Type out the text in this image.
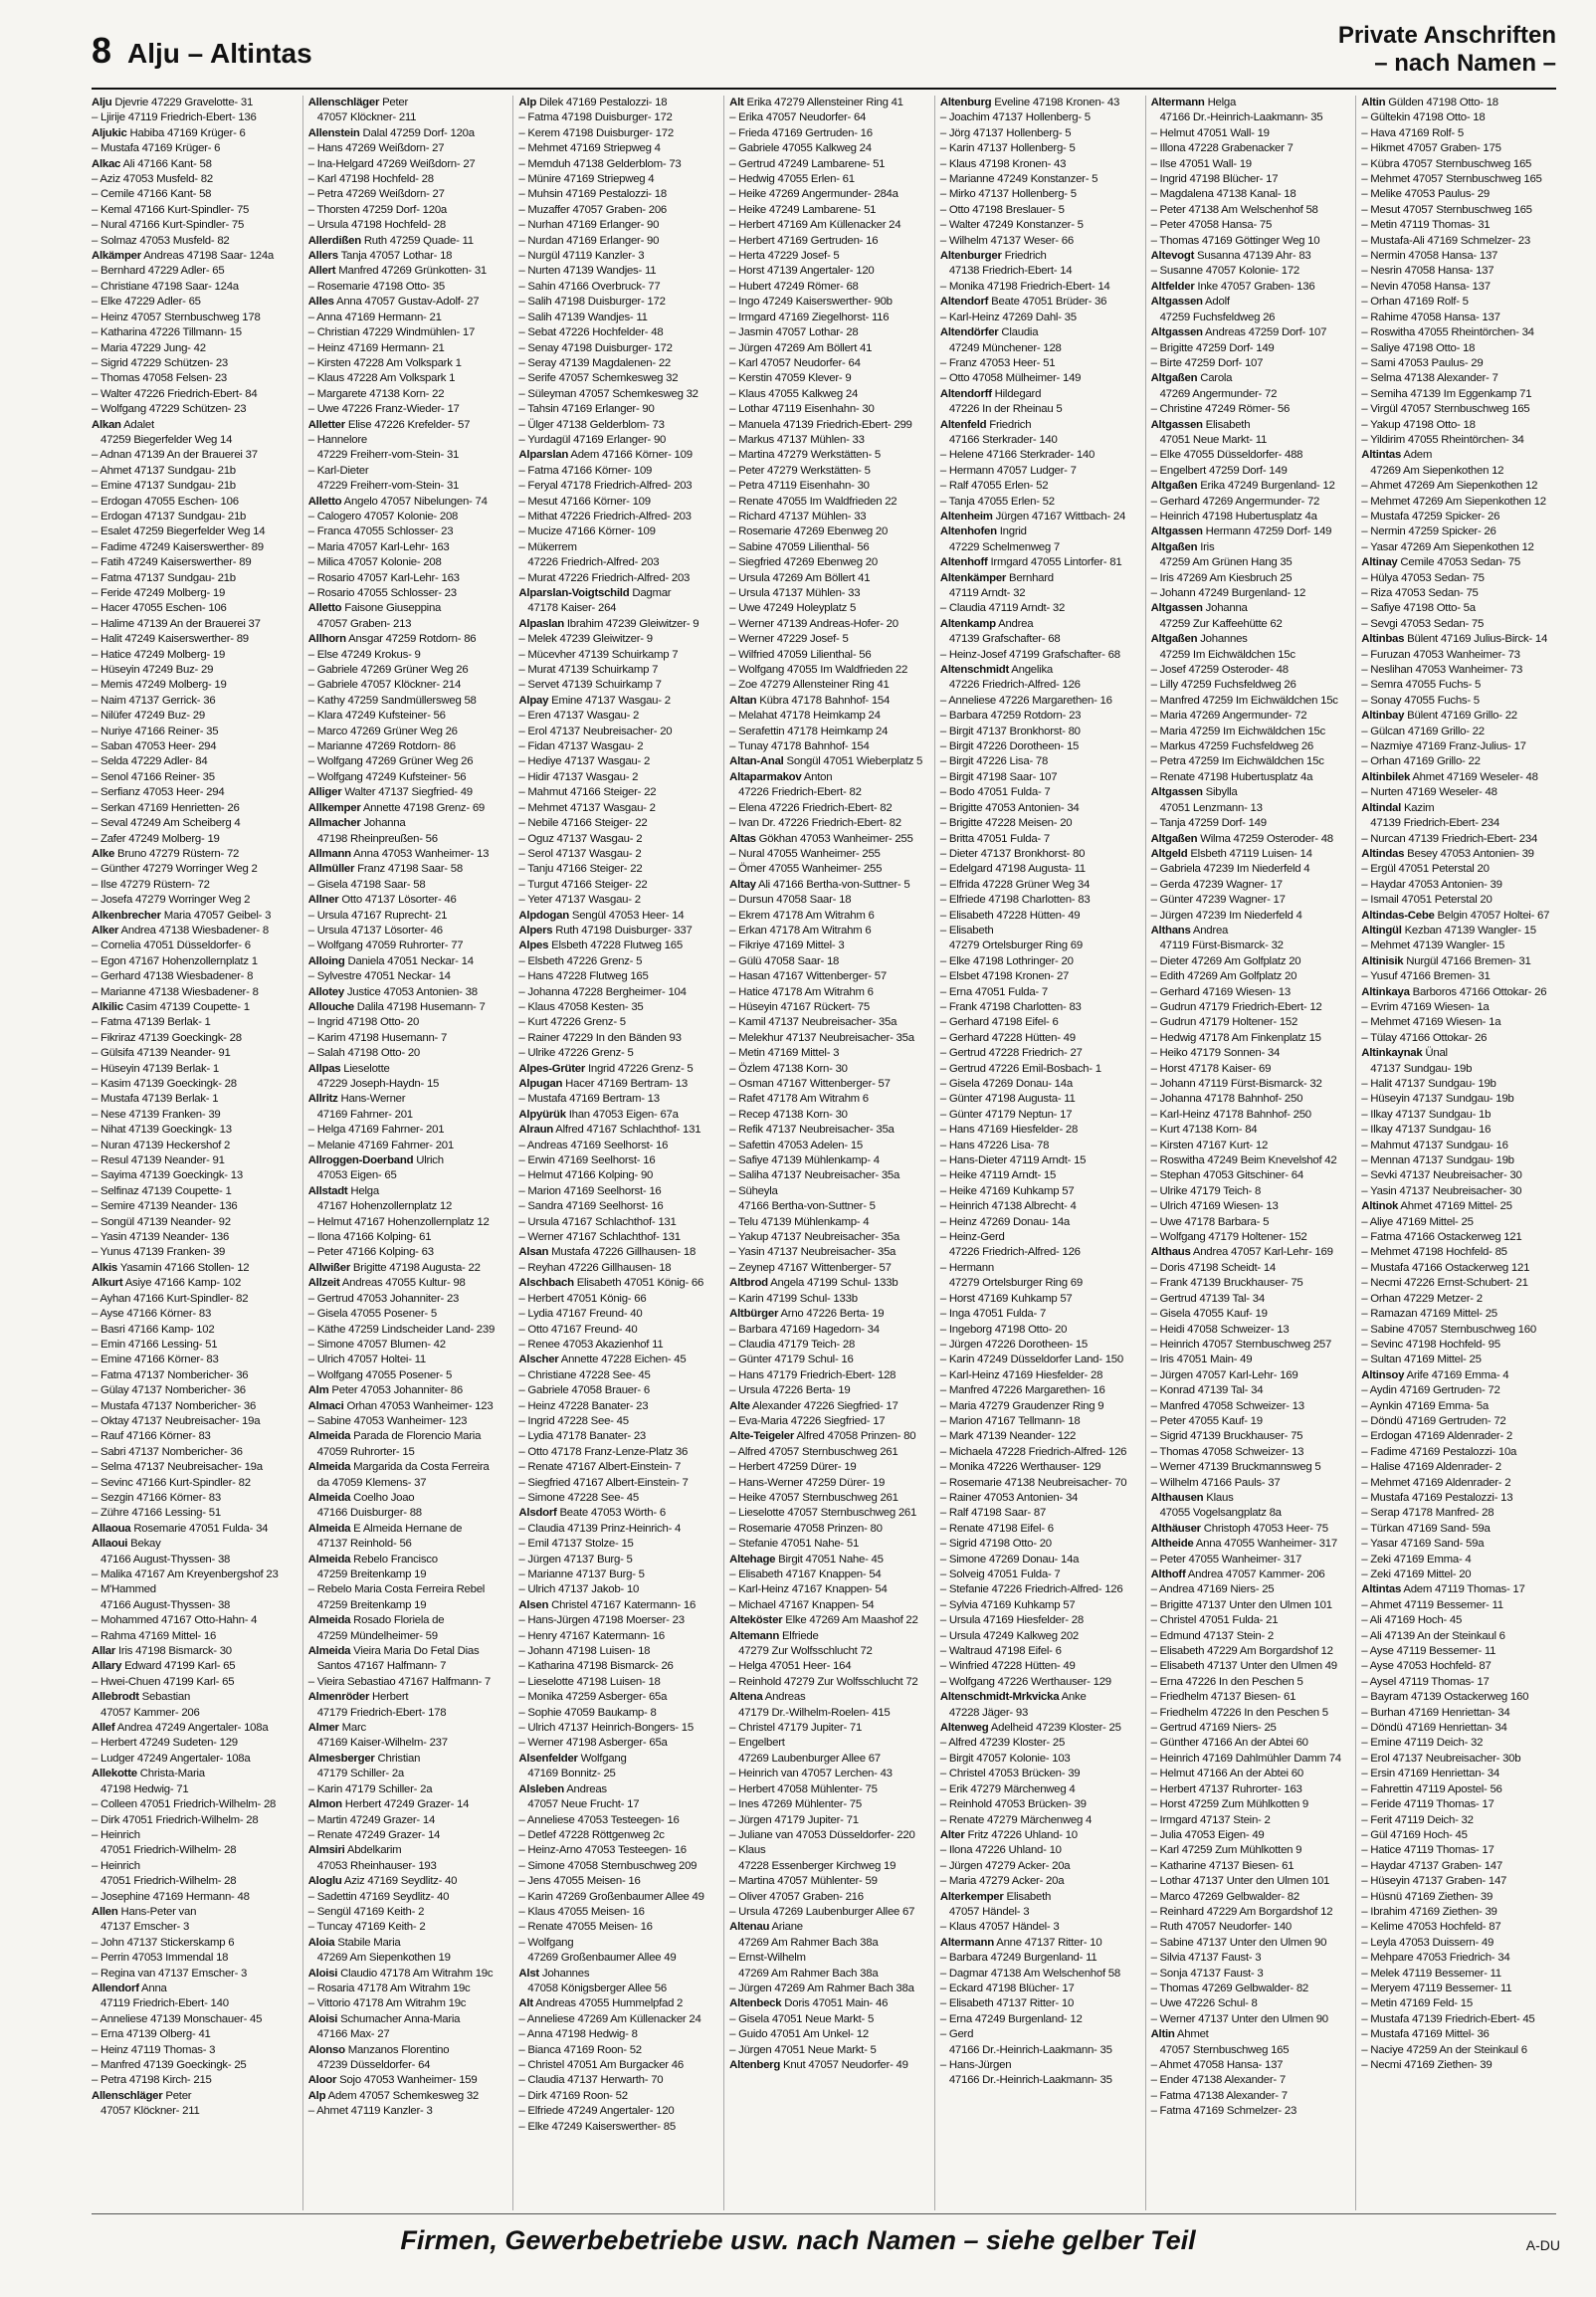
8 Alju – Altintas
Private Anschriften
– nach Namen –
Alju Djevrie 47229 Gravelotte- 31
– Ljirije 47119 Friedrich-Ebert- 136
Aljukic Habiba 47169 Krüger- 6
– Mustafa 47169 Krüger- 6
Alkac Ali 47166 Kant- 58
– Aziz 47053 Musfeld- 82
– Cemile 47166 Kant- 58
– Kemal 47166 Kurt-Spindler- 75
– Nural 47166 Kurt-Spindler- 75
– Solmaz 47053 Musfeld- 82
Alkämper Andreas 47198 Saar- 124a
– Bernhard 47229 Adler- 65
– Christiane 47198 Saar- 124a
– Elke 47229 Adler- 65
– Heinz 47057 Sternbuschweg 178
– Katharina 47226 Tillmann- 15
– Maria 47229 Jung- 42
– Sigrid 47229 Schützen- 23
– Thomas 47058 Felsen- 23
– Walter 47226 Friedrich-Ebert- 84
– Wolfgang 47229 Schützen- 23
Alkan Adalet
47259 Biegerfelder Weg 14
– Adnan 47139 An der Brauerei 37
– Ahmet 47137 Sundgau- 21b
– Emine 47137 Sundgau- 21b
– Erdogan 47055 Eschen- 106
– Erdogan 47137 Sundgau- 21b
– Esalet 47259 Biegerfelder Weg 14
– Fadime 47249 Kaiserswerther- 89
– Fatih 47249 Kaiserswerther- 89
– Fatma 47137 Sundgau- 21b
– Feride 47249 Molberg- 19
– Hacer 47055 Eschen- 106
– Halime 47139 An der Brauerei 37
– Halit 47249 Kaiserswerther- 89
– Hatice 47249 Molberg- 19
– Hüseyin 47249 Buz- 29
– Memis 47249 Molberg- 19
– Naim 47137 Gerrick- 36
– Nilüfer 47249 Buz- 29
– Nuriye 47166 Reiner- 35
– Saban 47053 Heer- 294
– Selda 47229 Adler- 84
– Senol 47166 Reiner- 35
– Serfianz 47053 Heer- 294
– Serkan 47169 Henrietten- 26
– Seval 47249 Am Scheiberg 4
– Zafer 47249 Molberg- 19
Alke Bruno 47279 Rüstern- 72
– Günther 47279 Worringer Weg 2
– Ilse 47279 Rüstern- 72
– Josefa 47279 Worringer Weg 2
Alkenbrecher Maria 47057 Geibel- 3
Alker Andrea 47138 Wiesbadener- 8
– Cornelia 47051 Düsseldorfer- 6
– Egon 47167 Hohenzollernplatz 1
– Gerhard 47138 Wiesbadener- 8
– Marianne 47138 Wiesbadener- 8
Alkilic Casim 47139 Coupette- 1
– Fatma 47139 Berlak- 1
– Fikriraz 47139 Goeckingk- 28
– Gülsifa 47139 Neander- 91
– Hüseyin 47139 Berlak- 1
– Kasim 47139 Goeckingk- 28
– Mustafa 47139 Berlak- 1
– Nese 47139 Franken- 39
– Nihat 47139 Goeckingk- 13
– Nuran 47139 Heckershof 2
– Resul 47139 Neander- 91
– Sayima 47139 Goeckingk- 13
– Selfinaz 47139 Coupette- 1
– Semire 47139 Neander- 136
– Songül 47139 Neander- 92
– Yasin 47139 Neander- 136
– Yunus 47139 Franken- 39
Alkis Yasamin 47166 Stollen- 12
Alkurt Asiye 47166 Kamp- 102
– Ayhan 47166 Kurt-Spindler- 82
– Ayse 47166 Körner- 83
– Basri 47166 Kamp- 102
– Emin 47166 Lessing- 51
– Emine 47166 Körner- 83
– Fatma 47137 Nombericher- 36
– Gülay 47137 Nombericher- 36
– Mustafa 47137 Nombericher- 36
– Oktay 47137 Neubreisacher- 19a
– Rauf 47166 Körner- 83
– Sabri 47137 Nombericher- 36
– Selma 47137 Neubreisacher- 19a
– Sevinc 47166 Kurt-Spindler- 82
– Sezgin 47166 Körner- 83
– Zühre 47166 Lessing- 51
Allaoua Rosemarie 47051 Fulda- 34
Allaoui Bekay
47166 August-Thyssen- 38
– Malika 47167 Am Kreyenbergshof 23
– M'Hammed
47166 August-Thyssen- 38
– Mohammed 47167 Otto-Hahn- 4
– Rahma 47169 Mittel- 16
Allar Iris 47198 Bismarck- 30
Allary Edward 47199 Karl- 65
– Hwei-Chuen 47199 Karl- 65
Allebrodt Sebastian
47057 Kammer- 206
Allef Andrea 47249 Angertaler- 108a
– Herbert 47249 Sudeten- 129
– Ludger 47249 Angertaler- 108a
Allekotte Christa-Maria
47198 Hedwig- 71
– Colleen 47051 Friedrich-Wilhelm- 28
– Dirk 47051 Friedrich-Wilhelm- 28
– Heinrich
47051 Friedrich-Wilhelm- 28
– Heinrich
47051 Friedrich-Wilhelm- 28
– Josephine 47169 Hermann- 48
Allen Hans-Peter van
47137 Emscher- 3
– John 47137 Stickerskamp 6
– Perrin 47053 Immendal 18
– Regina van 47137 Emscher- 3
Allendorf Anna
47119 Friedrich-Ebert- 140
– Anneliese 47139 Monschauer- 45
– Erna 47139 Olberg- 41
– Heinz 47119 Thomas- 3
– Manfred 47139 Goeckingk- 25
– Petra 47198 Kirch- 215
Allenschläger Peter
47057 Klöckner- 211
Allenschläger Peter
47057 Klöckner- 211
Allenstein Dalal 47259 Dorf- 120a
– Hans 47269 Weißdorn- 27
– Ina-Helgard 47269 Weißdorn- 27
– Karl 47198 Hochfeld- 28
– Petra 47269 Weißdorn- 27
– Thorsten 47259 Dorf- 120a
– Ursula 47198 Hochfeld- 28
Allerdißen Ruth 47259 Quade- 11
Allers Tanja 47057 Lothar- 18
Allert Manfred 47269 Grünkotten- 31
– Rosemarie 47198 Otto- 35
Alles Anna 47057 Gustav-Adolf- 27
– Anna 47169 Hermann- 21
– Christian 47229 Windmühlen- 17
– Heinz 47169 Hermann- 21
– Kirsten 47228 Am Volkspark 1
– Klaus 47228 Am Volkspark 1
– Margarete 47138 Korn- 22
– Uwe 47226 Franz-Wieder- 17
Alletter Elise 47226 Krefelder- 57
– Hannelore
47229 Freiherr-vom-Stein- 31
– Karl-Dieter
47229 Freiherr-vom-Stein- 31
Alletto Angelo 47057 Nibelungen- 74
– Calogero 47057 Kolonie- 208
– Franca 47055 Schlosser- 23
– Maria 47057 Karl-Lehr- 163
– Milica 47057 Kolonie- 208
– Rosario 47057 Karl-Lehr- 163
– Rosario 47055 Schlosser- 23
Alletto Faisone Giuseppina
47057 Graben- 213
Allhorn Ansgar 47259 Rotdorn- 86
– Else 47249 Krokus- 9
– Gabriele 47269 Grüner Weg 26
– Gabriele 47057 Klöckner- 214
– Kathy 47259 Sandmüllersweg 58
– Klara 47249 Kufsteiner- 56
– Marco 47269 Grüner Weg 26
– Marianne 47269 Rotdorn- 86
– Wolfgang 47269 Grüner Weg 26
– Wolfgang 47249 Kufsteiner- 56
Alliger Walter 47137 Siegfried- 49
Allkemper Annette 47198 Grenz- 69
Allmacher Johanna
47198 Rheinpreußen- 56
Allmann Anna 47053 Wanheimer- 13
Allmüller Franz 47198 Saar- 58
– Gisela 47198 Saar- 58
Allner Otto 47137 Lösorter- 46
– Ursula 47167 Ruprecht- 21
– Ursula 47137 Lösorter- 46
– Wolfgang 47059 Ruhrorter- 77
Alloing Daniela 47051 Neckar- 14
– Sylvestre 47051 Neckar- 14
Allotey Justice 47053 Antonien- 38
Allouche Dalila 47198 Husemann- 7
– Ingrid 47198 Otto- 20
– Karim 47198 Husemann- 7
– Salah 47198 Otto- 20
Allpas Lieselotte
47229 Joseph-Haydn- 15
Allritz Hans-Werner
47169 Fahrner- 201
– Helga 47169 Fahrner- 201
– Melanie 47169 Fahrner- 201
Allroggen-Doerband Ulrich
47053 Eigen- 65
Allstadt Helga
47167 Hohenzollernplatz 12
– Helmut 47167 Hohenzollernplatz 12
– Ilona 47166 Kolping- 61
– Peter 47166 Kolping- 63
Allwißer Brigitte 47198 Augusta- 22
Allzeit Andreas 47055 Kultur- 98
– Gertrud 47053 Johanniter- 23
– Gisela 47055 Posener- 5
– Käthe 47259 Lindscheider Land- 239
– Simone 47057 Blumen- 42
– Ulrich 47057 Holtei- 11
– Wolfgang 47055 Posener- 5
Alm Peter 47053 Johanniter- 86
Almaci Orhan 47053 Wanheimer- 123
– Sabine 47053 Wanheimer- 123
Almeida Parada de Florencio Maria
47059 Ruhrorter- 15
Almeida Margarida da Costa Ferreira
da 47059 Klemens- 37
Almeida Coelho Joao
47166 Duisburger- 88
Almeida E Almeida Hernane de
47137 Reinhold- 56
Almeida Rebelo Francisco
47259 Breitenkamp 19
– Rebelo Maria Costa Ferreira Rebel
47259 Breitenkamp 19
Almeida Rosado Floriela de
47259 Mündelheimer- 59
Almeida Vieira Maria Do Fetal Dias
Santos 47167 Halfmann- 7
– Vieira Sebastiao 47167 Halfmann- 7
Almenröder Herbert
47179 Friedrich-Ebert- 178
Almer Marc
47169 Kaiser-Wilhelm- 237
Almesberger Christian
47179 Schiller- 2a
– Karin 47179 Schiller- 2a
Almon Herbert 47249 Grazer- 14
– Martin 47249 Grazer- 14
– Renate 47249 Grazer- 14
Almsiri Abdelkarim
47053 Rheinhauser- 193
Aloglu Aziz 47169 Seydlitz- 40
– Sadettin 47169 Seydlitz- 40
– Sengül 47169 Keith- 2
– Tuncay 47169 Keith- 2
Aloia Stabile Maria
47269 Am Siepenkothen 19
Aloisi Claudio 47178 Am Witrahm 19c
– Rosaria 47178 Am Witrahm 19c
– Vittorio 47178 Am Witrahm 19c
Aloisi Schumacher Anna-Maria
47166 Max- 27
Alonso Manzanos Florentino
47239 Düsseldorfer- 64
Aloor Sojo 47053 Wanheimer- 159
Alp Adem 47057 Schemkesweg 32
– Ahmet 47119 Kanzler- 3
Alp Dilek 47169 Pestalozzi- 18
– Fatma 47198 Duisburger- 172
– Kerem 47198 Duisburger- 172
– Mehmet 47169 Striepweg 4
– Memduh 47138 Gelderblom- 73
– Münire 47169 Striepweg 4
– Muhsin 47169 Pestalozzi- 18
– Muzaffer 47057 Graben- 206
– Nurhan 47169 Erlanger- 90
– Nurdan 47169 Erlanger- 90
– Nurgül 47119 Kanzler- 3
– Nurten 47139 Wandjes- 11
– Sahin 47166 Overbruck- 77
– Salih 47198 Duisburger- 172
– Salih 47139 Wandjes- 11
– Sebat 47226 Hochfelder- 48
– Senay 47198 Duisburger- 172
– Seray 47139 Magdalenen- 22
– Serife 47057 Schemkesweg 32
– Süleyman 47057 Schemkesweg 32
– Tahsin 47169 Erlanger- 90
– Ülger 47138 Gelderblom- 73
– Yurdagül 47169 Erlanger- 90
Alparslan Adem 47166 Körner- 109
– Fatma 47166 Körner- 109
– Feryal 47178 Friedrich-Alfred- 203
– Mesut 47166 Körner- 109
– Mithat 47226 Friedrich-Alfred- 203
– Mucize 47166 Körner- 109
– Mükerrem
47226 Friedrich-Alfred- 203
– Murat 47226 Friedrich-Alfred- 203
Alparslan-Voigtschild Dagmar
47178 Kaiser- 264
Alpaslan Ibrahim 47239 Gleiwitzer- 9
– Melek 47239 Gleiwitzer- 9
– Mücevher 47139 Schuirkamp 7
– Murat 47139 Schuirkamp 7
– Servet 47139 Schuirkamp 7
Alpay Emine 47137 Wasgau- 2
– Eren 47137 Wasgau- 2
– Erol 47137 Neubreisacher- 20
– Fidan 47137 Wasgau- 2
– Hediye 47137 Wasgau- 2
– Hidir 47137 Wasgau- 2
– Mahmut 47166 Steiger- 22
– Mehmet 47137 Wasgau- 2
– Nebile 47166 Steiger- 22
– Oguz 47137 Wasgau- 2
– Serol 47137 Wasgau- 2
– Tanju 47166 Steiger- 22
– Turgut 47166 Steiger- 22
– Yeter 47137 Wasgau- 2
Alpdogan Sengül 47053 Heer- 14
Alpers Ruth 47198 Duisburger- 337
Alpes Elsbeth 47228 Flutweg 165
– Elsbeth 47226 Grenz- 5
– Hans 47228 Flutweg 165
– Johanna 47228 Bergheimer- 104
– Klaus 47058 Kesten- 35
– Kurt 47226 Grenz- 5
– Rainer 47229 In den Bänden 93
– Ulrike 47226 Grenz- 5
Alpes-Grüter Ingrid 47226 Grenz- 5
Alpugan Hacer 47169 Bertram- 13
– Mustafa 47169 Bertram- 13
Alpyürük Ihan 47053 Eigen- 67a
Alraun Alfred 47167 Schlachthof- 131
– Andreas 47169 Seelhorst- 16
– Erwin 47169 Seelhorst- 16
– Helmut 47166 Kolping- 90
– Marion 47169 Seelhorst- 16
– Sandra 47169 Seelhorst- 16
– Ursula 47167 Schlachthof- 131
– Werner 47167 Schlachthof- 131
Alsan Mustafa 47226 Gillhausen- 18
– Reyhan 47226 Gillhausen- 18
Alschbach Elisabeth 47051 König- 66
– Herbert 47051 König- 66
– Lydia 47167 Freund- 40
– Otto 47167 Freund- 40
– Renee 47053 Akazienhof 11
Alscher Annette 47228 Eichen- 45
– Christiane 47228 See- 45
– Gabriele 47058 Brauer- 6
– Heinz 47228 Banater- 23
– Ingrid 47228 See- 45
– Lydia 47178 Banater- 23
– Otto 47178 Franz-Lenze-Platz 36
– Renate 47167 Albert-Einstein- 7
– Siegfried 47167 Albert-Einstein- 7
– Simone 47228 See- 45
Alsdorf Beate 47053 Wörth- 6
– Claudia 47139 Prinz-Heinrich- 4
– Emil 47137 Stolze- 15
– Jürgen 47137 Burg- 5
– Marianne 47137 Burg- 5
– Ulrich 47137 Jakob- 10
Alsen Christel 47167 Katermann- 16
– Hans-Jürgen 47198 Moerser- 23
– Henry 47167 Katermann- 16
– Johann 47198 Luisen- 18
– Katharina 47198 Bismarck- 26
– Lieselotte 47198 Luisen- 18
– Monika 47259 Asberger- 65a
– Sophie 47059 Baukamp- 8
– Ulrich 47137 Heinrich-Bongers- 15
– Werner 47198 Asberger- 65a
Alsenfelder Wolfgang
47169 Bonnitz- 25
Alsleben Andreas
47057 Neue Frucht- 17
– Anneliese 47053 Testeegen- 16
– Detlef 47228 Röttgenweg 2c
– Heinz-Arno 47053 Testeegen- 16
– Simone 47058 Sternbuschweg 209
– Jens 47055 Meisen- 16
– Karin 47269 Großenbaumer Allee 49
– Klaus 47055 Meisen- 16
– Renate 47055 Meisen- 16
– Wolfgang
47269 Großenbaumer Allee 49
Alst Johannes
47058 Königsberger Allee 56
Alt Andreas 47055 Hummelpfad 2
– Anneliese 47269 Am Küllenacker 24
– Anna 47198 Hedwig- 8
– Bianca 47169 Roon- 52
– Christel 47051 Am Burgacker 46
– Claudia 47137 Herwarth- 70
– Dirk 47169 Roon- 52
– Elfriede 47249 Angertaler- 120
– Elke 47249 Kaiserswerther- 85
Alt Erika 47279 Allensteiner Ring 41
– Erika 47057 Neudorfer- 64
– Frieda 47169 Gertruden- 16
– Gabriele 47055 Kalkweg 24
– Gertrud 47249 Lambarene- 51
– Hedwig 47055 Erlen- 61
– Heike 47269 Angermunder- 284a
– Heike 47249 Lambarene- 51
– Herbert 47169 Am Küllenacker 24
– Herbert 47169 Gertruden- 16
– Herta 47229 Josef- 5
– Horst 47139 Angertaler- 120
– Hubert 47249 Römer- 68
– Ingo 47249 Kaiserswerther- 90b
– Irmgard 47169 Ziegelhorst- 116
– Jasmin 47057 Lothar- 28
– Jürgen 47269 Am Böllert 41
– Karl 47057 Neudorfer- 64
– Kerstin 47059 Klever- 9
– Klaus 47055 Kalkweg 24
– Lothar 47119 Eisenhahn- 30
– Manuela 47139 Friedrich-Ebert- 299
– Markus 47137 Mühlen- 33
– Martina 47279 Werkstätten- 5
– Peter 47279 Werkstätten- 5
– Petra 47119 Eisenhahn- 30
– Renate 47055 Im Waldfrieden 22
– Richard 47137 Mühlen- 33
– Rosemarie 47269 Ebenweg 20
– Sabine 47059 Lilienthal- 56
– Siegfried 47269 Ebenweg 20
– Ursula 47269 Am Böllert 41
– Ursula 47137 Mühlen- 33
– Uwe 47249 Holeyplatz 5
– Werner 47139 Andreas-Hofer- 20
– Werner 47229 Josef- 5
– Wilfried 47059 Lilienthal- 56
– Wolfgang 47055 Im Waldfrieden 22
– Zoe 47279 Allensteiner Ring 41
Altan Kübra 47178 Bahnhof- 154
– Melahat 47178 Heimkamp 24
– Serafettin 47178 Heimkamp 24
– Tunay 47178 Bahnhof- 154
Altan-Anal Songül 47051 Wieberplatz 5
Altaparmakov Anton
47226 Friedrich-Ebert- 82
– Elena 47226 Friedrich-Ebert- 82
– Ivan Dr. 47226 Friedrich-Ebert- 82
Altas Gökhan 47053 Wanheimer- 255
– Nural 47055 Wanheimer- 255
– Ömer 47055 Wanheimer- 255
Altay Ali 47166 Bertha-von-Suttner- 5
– Dursun 47058 Saar- 18
– Ekrem 47178 Am Witrahm 6
– Erkan 47178 Am Witrahm 6
– Fikriye 47169 Mittel- 3
– Gülü 47058 Saar- 18
– Hasan 47167 Wittenberger- 57
– Hatice 47178 Am Witrahm 6
– Hüseyin 47167 Rückert- 75
– Kamil 47137 Neubreisacher- 35a
– Melekhur 47137 Neubreisacher- 35a
– Metin 47169 Mittel- 3
– Özlem 47138 Korn- 30
– Osman 47167 Wittenberger- 57
– Rafet 47178 Am Witrahm 6
– Recep 47138 Korn- 30
– Refik 47137 Neubreisacher- 35a
– Safettin 47053 Adelen- 15
– Safiye 47139 Mühlenkamp- 4
– Saliha 47137 Neubreisacher- 35a
– Süheyla
47166 Bertha-von-Suttner- 5
– Telu 47139 Mühlenkamp- 4
– Yakup 47137 Neubreisacher- 35a
– Yasin 47137 Neubreisacher- 35a
– Zeynep 47167 Wittenberger- 57
Altbrod Angela 47199 Schul- 133b
– Karin 47199 Schul- 133b
Altbürger Arno 47226 Berta- 19
– Barbara 47169 Hagedorn- 34
– Claudia 47179 Teich- 28
– Günter 47179 Schul- 16
– Hans 47179 Friedrich-Ebert- 128
– Ursula 47226 Berta- 19
Alte Alexander 47226 Siegfried- 17
– Eva-Maria 47226 Siegfried- 17
Alte-Teigeler Alfred 47058 Prinzen- 80
– Alfred 47057 Sternbuschweg 261
– Herbert 47259 Dürer- 19
– Hans-Werner 47259 Dürer- 19
– Heike 47057 Sternbuschweg 261
– Lieselotte 47057 Sternbuschweg 261
– Rosemarie 47058 Prinzen- 80
– Stefanie 47051 Nahe- 51
Altehage Birgit 47051 Nahe- 45
– Elisabeth 47167 Knappen- 54
– Karl-Heinz 47167 Knappen- 54
– Michael 47167 Knappen- 54
Alteköster Elke 47269 Am Maashof 22
Altemann Elfriede
47279 Zur Wolfsschlucht 72
– Helga 47051 Heer- 164
– Reinhold 47279 Zur Wolfsschlucht 72
Altena Andreas
47179 Dr.-Wilhelm-Roelen- 415
– Christel 47179 Jupiter- 71
– Engelbert
47269 Laubenburger Allee 67
– Heinrich van 47057 Lerchen- 43
– Herbert 47058 Mühlenter- 75
– Ines 47269 Mühlenter- 75
– Jürgen 47179 Jupiter- 71
– Juliane van 47053 Düsseldorfer- 220
– Klaus
47228 Essenberger Kirchweg 19
– Martina 47057 Mühlenter- 59
– Oliver 47057 Graben- 216
– Ursula 47269 Laubenburger Allee 67
Altenau Ariane
47269 Am Rahmer Bach 38a
– Ernst-Wilhelm
47269 Am Rahmer Bach 38a
– Jürgen 47269 Am Rahmer Bach 38a
Altenbeck Doris 47051 Main- 46
– Gisela 47051 Neue Markt- 5
– Guido 47051 Am Unkel- 12
– Jürgen 47051 Neue Markt- 5
Altenberg Knut 47057 Neudorfer- 49
Altenburg Eveline 47198 Kronen- 43
– Joachim 47137 Hollenberg- 5
– Jörg 47137 Hollenberg- 5
– Karin 47137 Hollenberg- 5
– Klaus 47198 Kronen- 43
– Marianne 47249 Konstanzer- 5
– Mirko 47137 Hollenberg- 5
– Otto 47198 Breslauer- 5
– Walter 47249 Konstanzer- 5
– Wilhelm 47137 Weser- 66
Altenburger Friedrich
47138 Friedrich-Ebert- 14
– Monika 47198 Friedrich-Ebert- 14
Altendorf Beate 47051 Brüder- 36
– Karl-Heinz 47269 Dahl- 35
Altendörfer Claudia
47249 Münchener- 128
– Franz 47053 Heer- 51
– Otto 47058 Mülheimer- 149
Altendorff Hildegard
47226 In der Rheinau 5
Altenfeld Friedrich
47166 Sterkrader- 140
– Helene 47166 Sterkrader- 140
– Hermann 47057 Ludger- 7
– Ralf 47055 Erlen- 52
– Tanja 47055 Erlen- 52
Altenheim Jürgen 47167 Wittbach- 24
Altenhofen Ingrid
47229 Schelmenweg 7
Altenhoff Irmgard 47055 Lintorfer- 81
Altenkämper Bernhard
47119 Arndt- 32
– Claudia 47119 Arndt- 32
Altenkamp Andrea
47139 Grafschafter- 68
– Heinz-Josef 47199 Grafschafter- 68
Altenschmidt Angelika
47226 Friedrich-Alfred- 126
– Anneliese 47226 Margarethen- 16
– Barbara 47259 Rotdorn- 23
– Birgit 47137 Bronkhorst- 80
– Birgit 47226 Dorotheen- 15
– Birgit 47226 Lisa- 78
– Birgit 47198 Saar- 107
– Bodo 47051 Fulda- 7
– Brigitte 47053 Antonien- 34
– Brigitte 47228 Meisen- 20
– Britta 47051 Fulda- 7
– Dieter 47137 Bronkhorst- 80
– Edelgard 47198 Augusta- 11
– Elfrida 47228 Grüner Weg 34
– Elfriede 47198 Charlotten- 83
– Elisabeth 47228 Hütten- 49
– Elisabeth
47279 Ortelsburger Ring 69
– Elke 47198 Lothringer- 20
– Elsbet 47198 Kronen- 27
– Erna 47051 Fulda- 7
– Frank 47198 Charlotten- 83
– Gerhard 47198 Eifel- 6
– Gerhard 47228 Hütten- 49
– Gertrud 47228 Friedrich- 27
– Gertrud 47226 Emil-Bosbach- 1
– Gisela 47269 Donau- 14a
– Günter 47198 Augusta- 11
– Günter 47179 Neptun- 17
– Hans 47169 Hiesfelder- 28
– Hans 47226 Lisa- 78
– Hans-Dieter 47119 Arndt- 15
– Heike 47119 Arndt- 15
– Heike 47169 Kuhkamp 57
– Heinrich 47138 Albrecht- 4
– Heinz 47269 Donau- 14a
– Heinz-Gerd
47226 Friedrich-Alfred- 126
– Hermann
47279 Ortelsburger Ring 69
– Horst 47169 Kuhkamp 57
– Inga 47051 Fulda- 7
– Ingeborg 47198 Otto- 20
– Jürgen 47226 Dorotheen- 15
– Karin 47249 Düsseldorfer Land- 150
– Karl-Heinz 47169 Hiesfelder- 28
– Manfred 47226 Margarethen- 16
– Maria 47279 Graudenzer Ring 9
– Marion 47167 Tellmann- 18
– Mark 47139 Neander- 122
– Michaela 47228 Friedrich-Alfred- 126
– Monika 47226 Werthauser- 129
– Rosemarie 47138 Neubreisacher- 70
– Rainer 47053 Antonien- 34
– Ralf 47198 Saar- 87
– Renate 47198 Eifel- 6
– Sigrid 47198 Otto- 20
– Simone 47269 Donau- 14a
– Solveig 47051 Fulda- 7
– Stefanie 47226 Friedrich-Alfred- 126
– Sylvia 47169 Kuhkamp 57
– Ursula 47169 Hiesfelder- 28
– Ursula 47249 Kalkweg 202
– Waltraud 47198 Eifel- 6
– Winfried 47228 Hütten- 49
– Wolfgang 47226 Werthauser- 129
Altenschmidt-Mrkvicka Anke
47228 Jäger- 93
Altenweg Adelheid 47239 Kloster- 25
– Alfred 47239 Kloster- 25
– Birgit 47057 Kolonie- 103
– Christel 47053 Brücken- 39
– Erik 47279 Märchenweg 4
– Reinhold 47053 Brücken- 39
– Renate 47279 Märchenweg 4
Alter Fritz 47226 Uhland- 10
– Ilona 47226 Uhland- 10
– Jürgen 47279 Acker- 20a
– Maria 47279 Acker- 20a
Alterkemper Elisabeth
47057 Händel- 3
– Klaus 47057 Händel- 3
Altermann Anne 47137 Ritter- 10
– Barbara 47249 Burgenland- 11
– Dagmar 47138 Am Welschenhof 58
– Eckard 47198 Blücher- 17
– Elisabeth 47137 Ritter- 10
– Erna 47249 Burgenland- 12
– Gerd
47166 Dr.-Heinrich-Laakmann- 35
– Hans-Jürgen
47166 Dr.-Heinrich-Laakmann- 35
Altermann Helga
47166 Dr.-Heinrich-Laakmann- 35
– Helmut 47051 Wall- 19
– Illona 47228 Grabenacker 7
– Ilse 47051 Wall- 19
– Ingrid 47198 Blücher- 17
– Magdalena 47138 Kanal- 18
– Peter 47138 Am Welschenhof 58
– Peter 47058 Hansa- 75
– Thomas 47169 Göttinger Weg 10
Altevogt Susanna 47139 Ahr- 83
– Susanne 47057 Kolonie- 172
Altfelder Inke 47057 Graben- 136
Altgassen Adolf
47259 Fuchsfeldweg 26
Altgassen Andreas 47259 Dorf- 107
– Brigitte 47259 Dorf- 149
– Birte 47259 Dorf- 107
Altgaßen Carola
47269 Angermunder- 72
– Christine 47249 Römer- 56
Altgassen Elisabeth
47051 Neue Markt- 11
– Elke 47055 Düsseldorfer- 488
– Engelbert 47259 Dorf- 149
Altgaßen Erika 47249 Burgenland- 12
– Gerhard 47269 Angermunder- 72
– Heinrich 47198 Hubertusplatz 4a
Altgassen Hermann 47259 Dorf- 149
Altgaßen Iris
47259 Am Grünen Hang 35
– Iris 47269 Am Kiesbruch 25
– Johann 47249 Burgenland- 12
Altgassen Johanna
47259 Zur Kaffeehütte 62
Altgaßen Johannes
47259 Im Eichwäldchen 15c
– Josef 47259 Osteroder- 48
– Lilly 47259 Fuchsfeldweg 26
– Manfred 47259 Im Eichwäldchen 15c
– Maria 47269 Angermunder- 72
– Maria 47259 Im Eichwäldchen 15c
– Markus 47259 Fuchsfeldweg 26
– Petra 47259 Im Eichwäldchen 15c
– Renate 47198 Hubertusplatz 4a
Altgassen Sibylla
47051 Lenzmann- 13
– Tanja 47259 Dorf- 149
Altgaßen Wilma 47259 Osteroder- 48
Altgeld Elsbeth 47119 Luisen- 14
– Gabriela 47239 Im Niederfeld 4
– Gerda 47239 Wagner- 17
– Günter 47239 Wagner- 17
– Jürgen 47239 Im Niederfeld 4
Althans Andrea
47119 Fürst-Bismarck- 32
– Dieter 47269 Am Golfplatz 20
– Edith 47269 Am Golfplatz 20
– Gerhard 47169 Wiesen- 13
– Gudrun 47179 Friedrich-Ebert- 12
– Gudrun 47179 Holtener- 152
– Hedwig 47178 Am Finkenplatz 15
– Heiko 47179 Sonnen- 34
– Horst 47178 Kaiser- 69
– Johann 47119 Fürst-Bismarck- 32
– Johanna 47178 Bahnhof- 250
– Karl-Heinz 47178 Bahnhof- 250
– Kurt 47138 Korn- 84
– Kirsten 47167 Kurt- 12
– Roswitha 47249 Beim Knevelshof 42
– Stephan 47053 Gitschiner- 64
– Ulrike 47179 Teich- 8
– Ulrich 47169 Wiesen- 13
– Uwe 47178 Barbara- 5
– Wolfgang 47179 Holtener- 152
Althaus Andrea 47057 Karl-Lehr- 169
– Doris 47198 Scheidt- 14
– Frank 47139 Bruckhauser- 75
– Gertrud 47139 Tal- 34
– Gisela 47055 Kauf- 19
– Heidi 47058 Schweizer- 13
– Heinrich 47057 Sternbuschweg 257
– Iris 47051 Main- 49
– Jürgen 47057 Karl-Lehr- 169
– Konrad 47139 Tal- 34
– Manfred 47058 Schweizer- 13
– Peter 47055 Kauf- 19
– Sigrid 47139 Bruckhauser- 75
– Thomas 47058 Schweizer- 13
– Werner 47139 Bruckmannsweg 5
– Wilhelm 47166 Pauls- 37
Althausen Klaus
47055 Vogelsangplatz 8a
Althäuser Christoph 47053 Heer- 75
Altheide Anna 47055 Wanheimer- 317
– Peter 47055 Wanheimer- 317
Althoff Andrea 47057 Kammer- 206
– Andrea 47169 Niers- 25
– Brigitte 47137 Unter den Ulmen 101
– Christel 47051 Fulda- 21
– Edmund 47137 Stein- 2
– Elisabeth 47229 Am Borgardshof 12
– Elisabeth 47137 Unter den Ulmen 49
– Erna 47226 In den Peschen 5
– Friedhelm 47137 Biesen- 61
– Friedhelm 47226 In den Peschen 5
– Gertrud 47169 Niers- 25
– Günther 47166 An der Abtei 60
– Heinrich 47169 Dahlmühler Damm 74
– Helmut 47166 An der Abtei 60
– Herbert 47137 Ruhrorter- 163
– Horst 47259 Zum Mühlkotten 9
– Irmgard 47137 Stein- 2
– Julia 47053 Eigen- 49
– Karl 47259 Zum Mühlkotten 9
– Katharine 47137 Biesen- 61
– Lothar 47137 Unter den Ulmen 101
– Marco 47269 Gelbwalder- 82
– Reinhard 47229 Am Borgardshof 12
– Ruth 47057 Neudorfer- 140
– Sabine 47137 Unter den Ulmen 90
– Silvia 47137 Faust- 3
– Sonja 47137 Faust- 3
– Thomas 47269 Gelbwalder- 82
– Uwe 47226 Schul- 8
– Werner 47137 Unter den Ulmen 90
Altin Ahmet
47057 Sternbuschweg 165
– Ahmet 47058 Hansa- 137
– Ender 47138 Alexander- 7
– Fatma 47138 Alexander- 7
– Fatma 47169 Schmelzer- 23
Altin Gülden 47198 Otto- 18
– Gültekin 47198 Otto- 18
– Hava 47169 Rolf- 5
– Hikmet 47057 Graben- 175
– Kübra 47057 Sternbuschweg 165
– Mehmet 47057 Sternbuschweg 165
– Melike 47053 Paulus- 29
– Mesut 47057 Sternbuschweg 165
– Metin 47119 Thomas- 31
– Mustafa-Ali 47169 Schmelzer- 23
– Nermin 47058 Hansa- 137
– Nesrin 47058 Hansa- 137
– Nevin 47058 Hansa- 137
– Orhan 47169 Rolf- 5
– Rahime 47058 Hansa- 137
– Roswitha 47055 Rheintörchen- 34
– Saliye 47198 Otto- 18
– Sami 47053 Paulus- 29
– Selma 47138 Alexander- 7
– Semiha 47139 Im Eggenkamp 71
– Virgül 47057 Sternbuschweg 165
– Yakup 47198 Otto- 18
– Yildirim 47055 Rheintörchen- 34
Altintas Adem
47269 Am Siepenkothen 12
– Ahmet 47269 Am Siepenkothen 12
– Mehmet 47269 Am Siepenkothen 12
– Mustafa 47259 Spicker- 26
– Nermin 47259 Spicker- 26
– Yasar 47269 Am Siepenkothen 12
Altinay Cemile 47053 Sedan- 75
– Hülya 47053 Sedan- 75
– Riza 47053 Sedan- 75
– Safiye 47198 Otto- 5a
– Sevgi 47053 Sedan- 75
Altinbas Bülent 47169 Julius-Birck- 14
– Furuzan 47053 Wanheimer- 73
– Neslihan 47053 Wanheimer- 73
– Semra 47055 Fuchs- 5
– Sonay 47055 Fuchs- 5
Altinbay Bülent 47169 Grillo- 22
– Gülcan 47169 Grillo- 22
– Nazmiye 47169 Franz-Julius- 17
– Orhan 47169 Grillo- 22
Altinbilek Ahmet 47169 Weseler- 48
– Nurten 47169 Weseler- 48
Altindal Kazim
47139 Friedrich-Ebert- 234
– Nurcan 47139 Friedrich-Ebert- 234
Altindas Besey 47053 Antonien- 39
– Ergül 47051 Peterstal 20
– Haydar 47053 Antonien- 39
– Ismail 47051 Peterstal 20
Altindas-Cebe Belgin 47057 Holtei- 67
Altingül Kezban 47139 Wangler- 15
– Mehmet 47139 Wangler- 15
Altinisik Nurgül 47166 Bremen- 31
– Yusuf 47166 Bremen- 31
Altinkaya Barboros 47166 Ottokar- 26
– Evrim 47169 Wiesen- 1a
– Mehmet 47169 Wiesen- 1a
– Tülay 47166 Ottokar- 26
Altinkaynak Ünal
47137 Sundgau- 19b
– Halit 47137 Sundgau- 19b
– Hüseyin 47137 Sundgau- 19b
– Ilkay 47137 Sundgau- 1b
– Ilkay 47137 Sundgau- 16
– Mahmut 47137 Sundgau- 16
– Mennan 47137 Sundgau- 19b
– Sevki 47137 Neubreisacher- 30
– Yasin 47137 Neubreisacher- 30
Altinok Ahmet 47169 Mittel- 25
– Aliye 47169 Mittel- 25
– Fatma 47166 Ostackerweg 121
– Mehmet 47198 Hochfeld- 85
– Mustafa 47166 Ostackerweg 121
– Necmi 47226 Ernst-Schubert- 21
– Orhan 47229 Metzer- 2
– Ramazan 47169 Mittel- 25
– Sabine 47057 Sternbuschweg 160
– Sevinc 47198 Hochfeld- 95
– Sultan 47169 Mittel- 25
Altinsoy Arife 47169 Emma- 4
– Aydin 47169 Gertruden- 72
– Aynkin 47169 Emma- 5a
– Döndü 47169 Gertruden- 72
– Erdogan 47169 Aldenrader- 2
– Fadime 47169 Pestalozzi- 10a
– Halise 47169 Aldenrader- 2
– Mehmet 47169 Aldenrader- 2
– Mustafa 47169 Pestalozzi- 13
– Serap 47178 Manfred- 28
– Türkan 47169 Sand- 59a
– Yasar 47169 Sand- 59a
– Zeki 47169 Emma- 4
– Zeki 47169 Mittel- 20
Altintas Adem 47119 Thomas- 17
– Ahmet 47119 Bessemer- 11
– Ali 47169 Hoch- 45
– Ali 47139 An der Steinkaul 6
– Ayse 47119 Bessemer- 11
– Ayse 47053 Hochfeld- 87
– Aysel 47119 Thomas- 17
– Bayram 47139 Ostackerweg 160
– Burhan 47169 Henriettan- 34
– Döndü 47169 Henriettan- 34
– Emine 47119 Deich- 32
– Erol 47137 Neubreisacher- 30b
– Ersin 47169 Henriettan- 34
– Fahrettin 47119 Apostel- 56
– Feride 47119 Thomas- 17
– Ferit 47119 Deich- 32
– Gül 47169 Hoch- 45
– Hatice 47119 Thomas- 17
– Haydar 47137 Graben- 147
– Hüseyin 47137 Graben- 147
– Hüsnü 47169 Ziethen- 39
– Ibrahim 47169 Ziethen- 39
– Kelime 47053 Hochfeld- 87
– Leyla 47053 Duissern- 49
– Mehpare 47053 Friedrich- 34
– Melek 47119 Bessemer- 11
– Meryem 47119 Bessemer- 11
– Metin 47169 Feld- 15
– Mustafa 47139 Friedrich-Ebert- 45
– Mustafa 47169 Mittel- 36
– Naciye 47259 An der Steinkaul 6
– Necmi 47169 Ziethen- 39
Firmen, Gewerbebetriebe usw. nach Namen – siehe gelber Teil	A-DU
